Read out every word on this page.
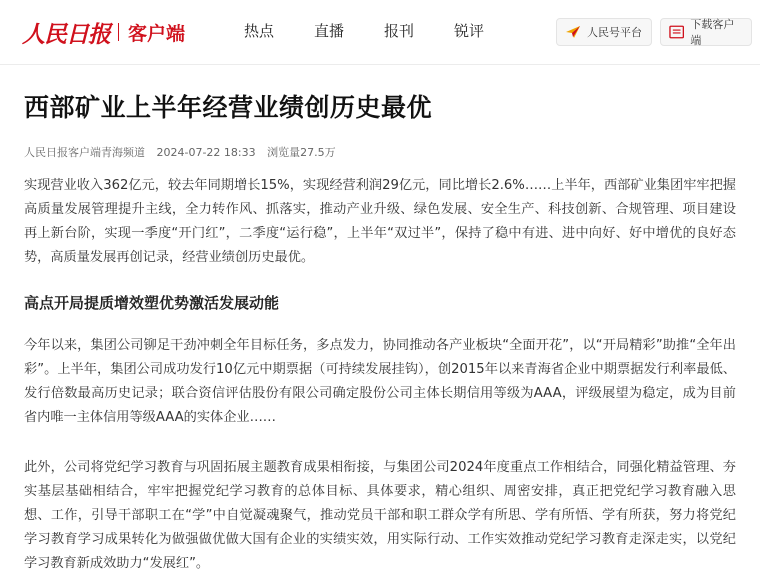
人民日报 客户端	热点	直播	报刊	锐评	人民号平台
下载客户端
西部矿业上半年经营业绩创历史最优
人民日报客户端青海频道 2024-07-22 18:33 浏览量27.5万

实现营业收入362亿元，较去年同期增长15%，实现经营利润29亿元，同比增长2.6%……上半年，西部矿业集团牢牢把握高质量发展管理提升主线，全力转作风、抓落实，推动产业升级、绿色发展、安全生产、科技创新、合规管理、项目建设再上新台阶，实现一季度“开门红”，二季度“运行稳”，上半年“双过半”，保持了稳中有进、进中向好、好中增优的良好态势，高质量发展再创记录，经营业绩创历史最优。

高点开局提质增效塑优势激活发展动能

今年以来，集团公司铆足干劲冲刺全年目标任务，多点发力，协同推动各产业板块“全面开花”，以“开局精彩”助推“全年出彩”。上半年，集团公司成功发行10亿元中期票据（可持续发展挂钩），创2015年以来青海省企业中期票据发行利率最低、发行倍数最高历史记录；联合资信评估股份有限公司确定股份公司主体长期信用等级为AAA，评级展望为稳定，成为目前省内唯一主体信用等级AAA的实体企业……

此外，公司将党纪学习教育与巩固拓展主题教育成果相衔接，与集团公司2024年度重点工作相结合，同强化精益管理、夯实基层基础相结合，牢牢把握党纪学习教育的总体目标、具体要求，精心组织、周密安排，真正把党纪学习教育融入思想、工作，引导干部职工在“学”中自觉凝魂聚气，推动党员干部和职工群众学有所思、学有所悟、学有所获，努力将党纪学习教育学习成果转化为做强做优做大国有企业的实绩实效，用实际行动、工作实效推动党纪学习教育走深走实，以党纪学习教育新成效助力“发展红”。
